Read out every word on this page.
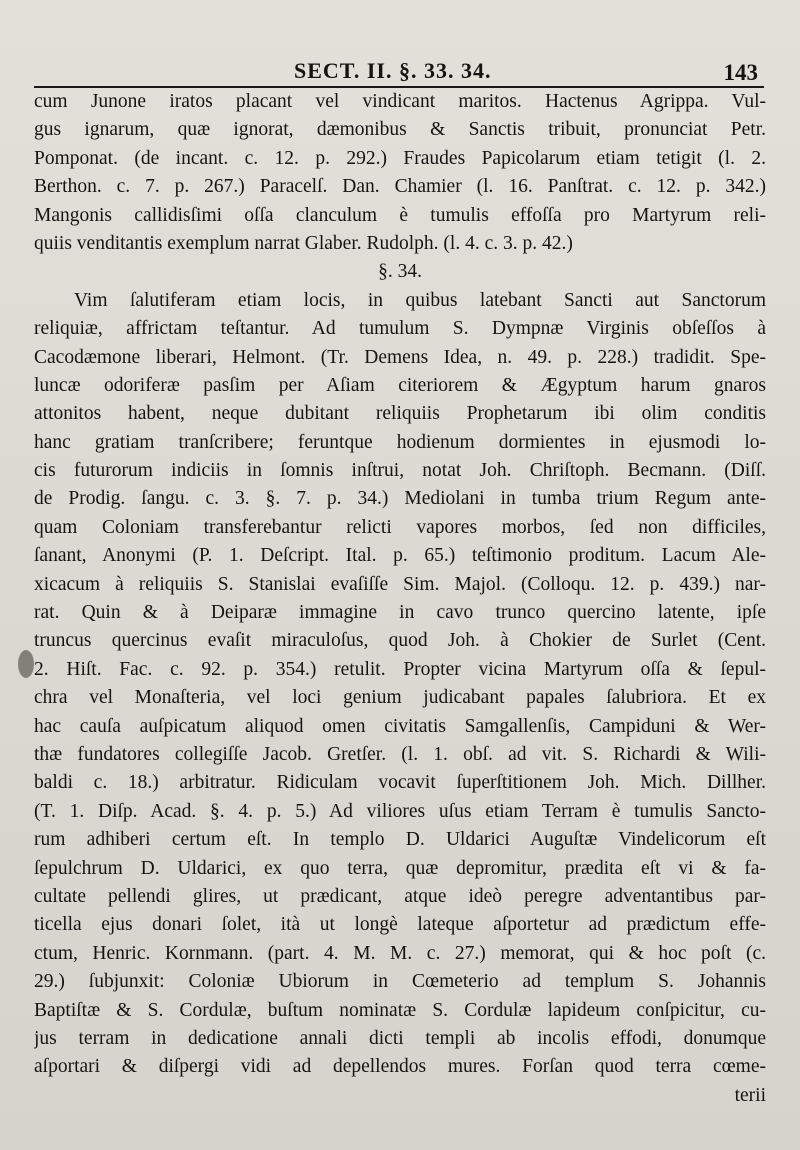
SECT. II. §. 33. 34.	143
cum Junone iratos placant vel vindicant maritos. Hactenus Agrippa. Vul-
gus ignarum, quæ ignorat, dæmonibus & Sanctis tribuit, pronunciat Petr.
Pomponat. (de incant. c. 12. p. 292.) Fraudes Papicolarum etiam tetigit (l. 2.
Berthon. c. 7. p. 267.) Paracelſ. Dan. Chamier (l. 16. Panſtrat. c. 12. p. 342.)
Mangonis callidisſimi oſſa clanculum è tumulis effoſſa pro Martyrum reli-
quiis venditantis exemplum narrat Glaber. Rudolph. (l. 4. c. 3. p. 42.)
§. 34.
Vim ſalutiferam etiam locis, in quibus latebant Sancti aut Sanctorum
reliquiæ, affrictam teſtantur. Ad tumulum S. Dympnæ Virginis obſeſſos à
Cacodæmone liberari, Helmont. (Tr. Demens Idea, n. 49. p. 228.) tradidit. Spe-
luncæ odoriferæ pasſim per Aſiam citeriorem & Ægyptum harum gnaros
attonitos habent, neque dubitant reliquiis Prophetarum ibi olim conditis
hanc gratiam tranſcribere; feruntque hodienum dormientes in ejusmodi lo-
cis futurorum indiciis in ſomnis inſtrui, notat Joh. Chriſtoph. Becmann. (Diſſ.
de Prodig. ſangu. c. 3. §. 7. p. 34.) Mediolani in tumba trium Regum ante-
quam Coloniam transferebantur relicti vapores morbos, ſed non difficiles,
ſanant, Anonymi (P. 1. Deſcript. Ital. p. 65.) teſtimonio proditum. Lacum Ale-
xicacum à reliquiis S. Stanislai evaſiſſe Sim. Majol. (Colloqu. 12. p. 439.) nar-
rat. Quin & à Deiparæ immagine in cavo trunco quercino latente, ipſe
truncus quercinus evaſit miraculoſus, quod Joh. à Chokier de Surlet (Cent.
2. Hiſt. Fac. c. 92. p. 354.) retulit. Propter vicina Martyrum oſſa & ſepul-
chra vel Monaſteria, vel loci genium judicabant papales ſalubriora. Et ex
hac cauſa auſpicatum aliquod omen civitatis Samgallenſis, Campiduni & Wer-
thæ fundatores collegiſſe Jacob. Gretſer. (l. 1. obſ. ad vit. S. Richardi & Wili-
baldi c. 18.) arbitratur. Ridiculam vocavit ſuperſtitionem Joh. Mich. Dillher.
(T. 1. Diſp. Acad. §. 4. p. 5.) Ad viliores uſus etiam Terram è tumulis Sancto-
rum adhiberi certum eſt. In templo D. Uldarici Auguſtæ Vindelicorum eſt
ſepulchrum D. Uldarici, ex quo terra, quæ depromitur, prædita eſt vi & fa-
cultate pellendi glires, ut prædicant, atque ideò peregre adventantibus par-
ticella ejus donari ſolet, ità ut longè lateque aſportetur ad prædictum effe-
ctum, Henric. Kornmann. (part. 4. M. M. c. 27.) memorat, qui & hoc poſt (c.
29.) ſubjunxit: Coloniæ Ubiorum in Cœmeterio ad templum S. Johannis
Baptiſtæ & S. Cordulæ, buſtum nominatæ S. Cordulæ lapideum conſpicitur, cu-
jus terram in dedicatione annali dicti templi ab incolis effodi, donumque
aſportari & diſpergi vidi ad depellendos mures. Forſan quod terra cœme-
terii
